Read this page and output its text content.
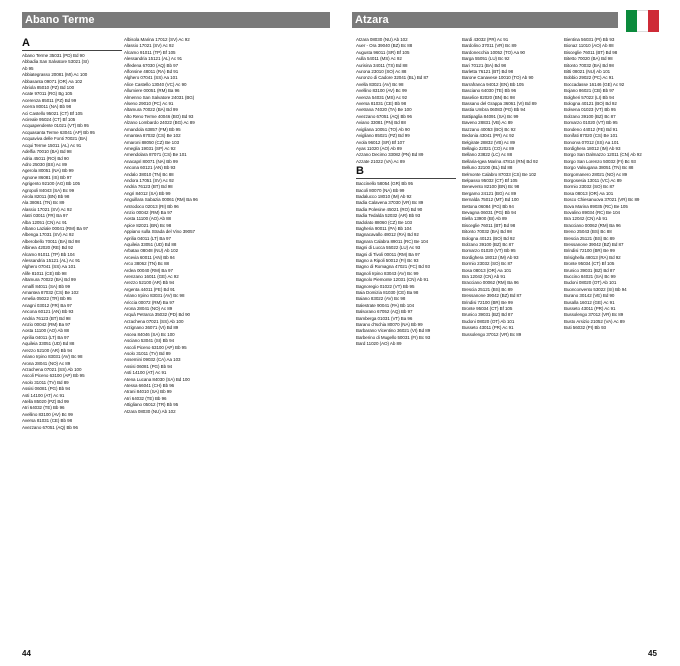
Abano Terme	Atzara
A
Abano Terme 35031 (PD) Bd 90
Abbadia San Salvatore 53021 (SI)
Ab 95
Abbiategrasso 20081 (MI) Ac 100
Abbasanta 09071 (OR) Aa 102
Abriola 85010 (PZ) Bd 100
Acate 97011 (RG) Bg 105
Acerenza 85011 (PZ) Bd 99
Acerra 80011 (NA) Bb 98
Aci Castello 95021 (CT) Bf 105
Acireale 95024 (CT) Bf 105
Acquapendente 01021 (VT) Bb 95
Acquasanta Terme 63041 (AP) Bb 95
Acquaviva delle Fonti 70021 (BA)
Acqui Terme 15011 (AL) Ac 91
Adelfia 70010 (BA) Bd 98
Adria 45011 (RO) Bd 90
Adro 25030 (BS) Ac 89
Agerola 80051 (NA) Bb 99
Agnone 86081 (IS) Bb 97
Agrigento 92100 (AG) Bb 105
Agropoli 84043 (SA) Bc 99
Airola 82011 (BN) Bb 98
Ala 38061 (TN) Bc 89
Alassio 17021 (SV) Ac 92
Alatri 03011 (FR) Ba 97
Alba 12051 (CN) Ac 91
Albano Laziale 00041 (RM) Ba 97
Albenga 17031 (SV) Ac 92
Alberobello 70011 (BA) Bd 98
Albinea 42020 (RE) Bd 92
Alcamo 91011 (TP) Bb 104
Alessandria 15121 (AL) Ac 91
Alghero 07041 (SS) Aa 101
Alife 81011 (CE) Bb 98
Altamura 70022 (BA) Bd 99
Amalfi 84011 (SA) Bb 99
Amantea 87032 (CS) Be 102
Amelia 05022 (TR) Bb 95
Anagni 03012 (FR) Ba 97
Ancona 60121 (AN) Bb 93
Andria 76123 (BT) Bd 98
Anzio 00042 (RM) Ba 97
Aosta 11100 (AO) Ab 88
Aprilia 04011 (LT) Ba 97
Aquileia 33051 (UD) Bd 88
Arezzo 52100 (AR) Bb 94
Ariano Irpino 83031 (AV) Bc 98
Arona 28041 (NO) Ac 89
Arzachena 07021 (SS) Ab 100
Ascoli Piceno 63100 (AP) Bb 95
Asolo 31011 (TV) Bd 89
Assisi 06081 (PG) Bb 94
Asti 14100 (AT) Ac 91
Atella 85020 (PZ) Bd 99
Atri 64032 (TE) Bb 96
Avellino 83100 (AV) Bc 99
Aversa 81031 (CE) Bb 98
Avezzano 67051 (AQ) Bb 96
Albisola Marina 17012 (SV) Ac 92
Alassio 17021 (SV) Ac 92
Alcamo 91011 (TP) Bf 105
Alessandria 15121 (AL) Ac 91
Alfedena 67030 (AQ) Bb 97
Alfonsine 48011 (RA) Bd 91
Alghero 07041 (SS) Aa 101
Alice Castello 13040 (VC) Ac 90
Allumiere 00051 (RM) Ba 96
Almenno San Salvatore 24031 (BG)
Alseno 29010 (PC) Ac 91
Altamura 70022 (BA) Bd 99
Alto Reno Terme 40046 (BO) Bd 93
Alzano Lombardo 24022 (BG) Ac 89
Amandola 63857 (FM) Bb 95
Amantea 87032 (CS) Be 102
Amaroni 88050 (CZ) Be 103
Ameglia 19031 (SP) Ac 92
Amendolara 87071 (CS) Be 101
Anacapri 80071 (NA) Bb 99
Ancona 60121 (AN) Bb 93
Andalo 38010 (TN) Bc 88
Andora 17051 (SV) Ac 92
Andria 76123 (BT) Bd 98
Angri 84012 (SA) Bb 99
Anguillara Sabazia 00061 (RM) Ba 96
Antrodoco 02013 (RI) Bb 96
Anzio 00042 (RM) Ba 97
Aosta 11100 (AO) Ab 88
Apice 82021 (BN) Bc 98
Appiano sulla Strada del Vino 39057
Aprilia 04011 (LT) Ba 97
Aquileia 33051 (UD) Bd 88
Arbatax 08048 (NU) Ab 102
Arcevia 60011 (AN) Bb 94
Arco 38062 (TN) Bc 88
Ardea 00040 (RM) Ba 97
Arenzano 16011 (GE) Ac 92
Arezzo 52100 (AR) Bb 94
Argenta 44011 (FE) Bd 91
Ariano Irpino 83031 (AV) Bc 98
Ariccia 00072 (RM) Ba 97
Arona 28041 (NO) Ac 89
Arquà Petrarca 35032 (PD) Bd 90
Arzachena 07021 (SS) Ab 100
Arzignano 36071 (VI) Bd 89
Ascea 84046 (SA) Bc 100
Asciano 53041 (SI) Bb 94
Ascoli Piceno 63100 (AP) Bb 95
Asolo 31011 (TV) Bd 89
Assemini 09032 (CA) Aa 103
Assisi 06081 (PG) Bb 94
Asti 14100 (AT) Ac 91
Atena Lucana 84030 (SA) Bd 100
Atessa 66041 (CH) Bb 96
Atrani 84010 (SA) Bb 99
Atri 64032 (TE) Bb 96
Attigliano 05012 (TR) Bb 95
Atzara 08030 (NU) Ab 102
Atzara 08030 (NU) Ab 102
Auer - Ora 39040 (BZ) Bc 88
Augusta 96011 (SR) Bf 105
Aulla 54011 (MS) Ac 92
Aurisina 34011 (TS) Bd 88
Aurona 23010 (SO) Ac 88
Auronzo di Cadore 32041 (BL) Bd 87
Avella 83021 (AV) Bc 98
Avellino 83100 (AV) Bc 99
Avenza 54031 (MS) Ac 92
Aversa 81031 (CE) Bb 98
Avetrana 74020 (TA) Be 100
Avezzano 67051 (AQ) Bb 96
Aviano 33081 (PN) Bd 88
Avigliana 10051 (TO) Ab 90
Avigliano 85021 (PZ) Bd 99
Avola 96012 (SR) Bf 107
Ayas 11020 (AO) Ab 89
Azzano Decimo 33082 (PN) Bd 89
Azzate 21022 (VA) Ac 89
B
Baccinello 58054 (GR) Bb 95
Bacoli 80070 (NA) Bb 99
Badalucco 18010 (IM) Ab 92
Badia Calavena 37030 (VR) Bc 89
Badia Polesine 45021 (RO) Bd 90
Badia Tedalda 52032 (AR) Bb 93
Badolato 88060 (CZ) Be 103
Bagheria 90011 (PA) Bb 104
Bagnacavallo 48012 (RA) Bd 92
Bagnara Calabra 89011 (RC) Be 104
Bagni di Lucca 55022 (LU) Ac 93
Bagni di Tivoli 00011 (RM) Ba 97
Bagno a Ripoli 50012 (FI) Bc 93
Bagno di Romagna 47021 (FC) Bd 93
Bagnoli Irpino 83043 (AV) Bc 99
Bagnolo Piemonte 12031 (CN) Ab 91
Bagnoregio 01022 (VT) Bb 95
Baia Domizia 81030 (CE) Ba 98
Baiano 83022 (AV) Bc 98
Balestrate 90041 (PA) Bb 104
Balsorano 67052 (AQ) Bb 97
Bamberga 01031 (VT) Ba 96
Barano d'Ischia 80070 (NA) Bb 99
Barbarano Vicentino 36021 (VI) Bd 89
Barberino di Mugello 50031 (FI) Bc 93
Bard 11020 (AO) Ab 89
Bardi 43032 (PR) Ac 91
Bardolino 37011 (VR) Bc 89
Bardonecchia 10052 (TO) Aa 90
Barga 55051 (LU) Bc 92
Bari 70121 (BA) Bd 98
Barletta 76121 (BT) Bd 98
Barone Canavese 10010 (TO) Ab 90
Barrafranca 94012 (EN) Bb 105
Basciano 64030 (TE) Bb 96
Baselice 82020 (BN) Bc 98
Bassano del Grappa 36061 (VI) Bd 89
Bastia Umbra 06083 (PG) Bb 94
Battipaglia 84091 (SA) Bc 99
Baveno 28831 (VB) Ac 89
Bazzano 40053 (BO) Bc 92
Bedonia 43041 (PR) Ac 92
Belgirate 28832 (VB) Ac 89
Bellagio 22021 (CO) Ac 89
Bellano 23822 (LC) Ac 88
Bellaria-Igea Marina 47814 (RN) Bd 92
Belluno 32100 (BL) Bd 88
Belmonte Calabro 87033 (CS) Be 102
Belpasso 95032 (CT) Bf 105
Benevento 82100 (BN) Bc 98
Bergamo 24121 (BG) Ac 89
Bernalda 75012 (MT) Bd 100
Bettona 06084 (PG) Bb 94
Bevagna 06031 (PG) Bb 94
Biella 13900 (BI) Ab 89
Bisceglie 76011 (BT) Bd 98
Bitonto 70032 (BA) Bd 98
Bologna 40121 (BO) Bd 92
Bolzano 39100 (BZ) Bc 87
Bomarzo 01020 (VT) Bb 95
Bordighera 18012 (IM) Ab 93
Bormio 23032 (SO) Bc 87
Bosa 08013 (OR) Aa 101
Bra 12042 (CN) Ab 91
Bracciano 00062 (RM) Ba 96
Brescia 25121 (BS) Bc 89
Bressanone 39042 (BZ) Bd 87
Brindisi 72100 (BR) Be 99
Bronte 95034 (CT) Bf 105
Brunico 39031 (BZ) Bd 87
Budoni 08020 (OT) Ab 101
Busseto 43011 (PR) Ac 91
Bussolengo 37012 (VR) Bc 89
Bientina 56031 (PI) Bb 93
Bionaz 11010 (AO) Ab 88
Bisceglie 76011 (BT) Bd 98
Bitetto 70020 (BA) Bd 98
Bitonto 70032 (BA) Bd 98
Bitti 08021 (NU) Ab 101
Bobbio 29022 (PC) Ac 91
Boccadasse 16146 (GE) Ac 92
Bojano 86021 (CB) Bb 97
Bolgheri 57022 (LI) Bb 94
Bologna 40121 (BO) Bd 92
Bolsena 01023 (VT) Bb 95
Bolzano 39100 (BZ) Bc 87
Bomarzo 01020 (VT) Bb 95
Bondeno 44012 (FE) Bd 91
Bonifati 87020 (CS) Be 101
Bonorva 07012 (SS) Aa 101
Bordighera 18012 (IM) Ab 93
Borgo San Dalmazzo 12011 (CN) Ab 92
Borgo San Lorenzo 50032 (FI) Bc 93
Borgo Valsugana 38051 (TN) Bc 88
Borgomanero 28021 (NO) Ac 89
Borgosesia 13011 (VC) Ac 89
Bormio 23032 (SO) Bc 87
Bosa 08013 (OR) Aa 101
Bosco Chiesanuova 37021 (VR) Bc 89
Bova Marina 89035 (RC) Be 105
Bovalino 89034 (RC) Be 104
Bra 12042 (CN) Ab 91
Bracciano 00062 (RM) Ba 96
Breno 25043 (BS) Bc 88
Brescia 25121 (BS) Bc 89
Bressanone 39042 (BZ) Bd 87
Brindisi 72100 (BR) Be 99
Brisighella 48013 (RA) Bd 92
Bronte 95034 (CT) Bf 105
Brunico 39031 (BZ) Bd 87
Buccino 84021 (SA) Bc 99
Budoni 08020 (OT) Ab 101
Buonconvento 53022 (SI) Bb 94
Burano 30142 (VE) Bd 90
Busalla 16012 (GE) Ac 91
Busseto 43011 (PR) Ac 91
Bussolengo 37012 (VR) Bc 89
Busto Arsizio 21052 (VA) Ac 89
Buti 56032 (PI) Bb 93
44	45
